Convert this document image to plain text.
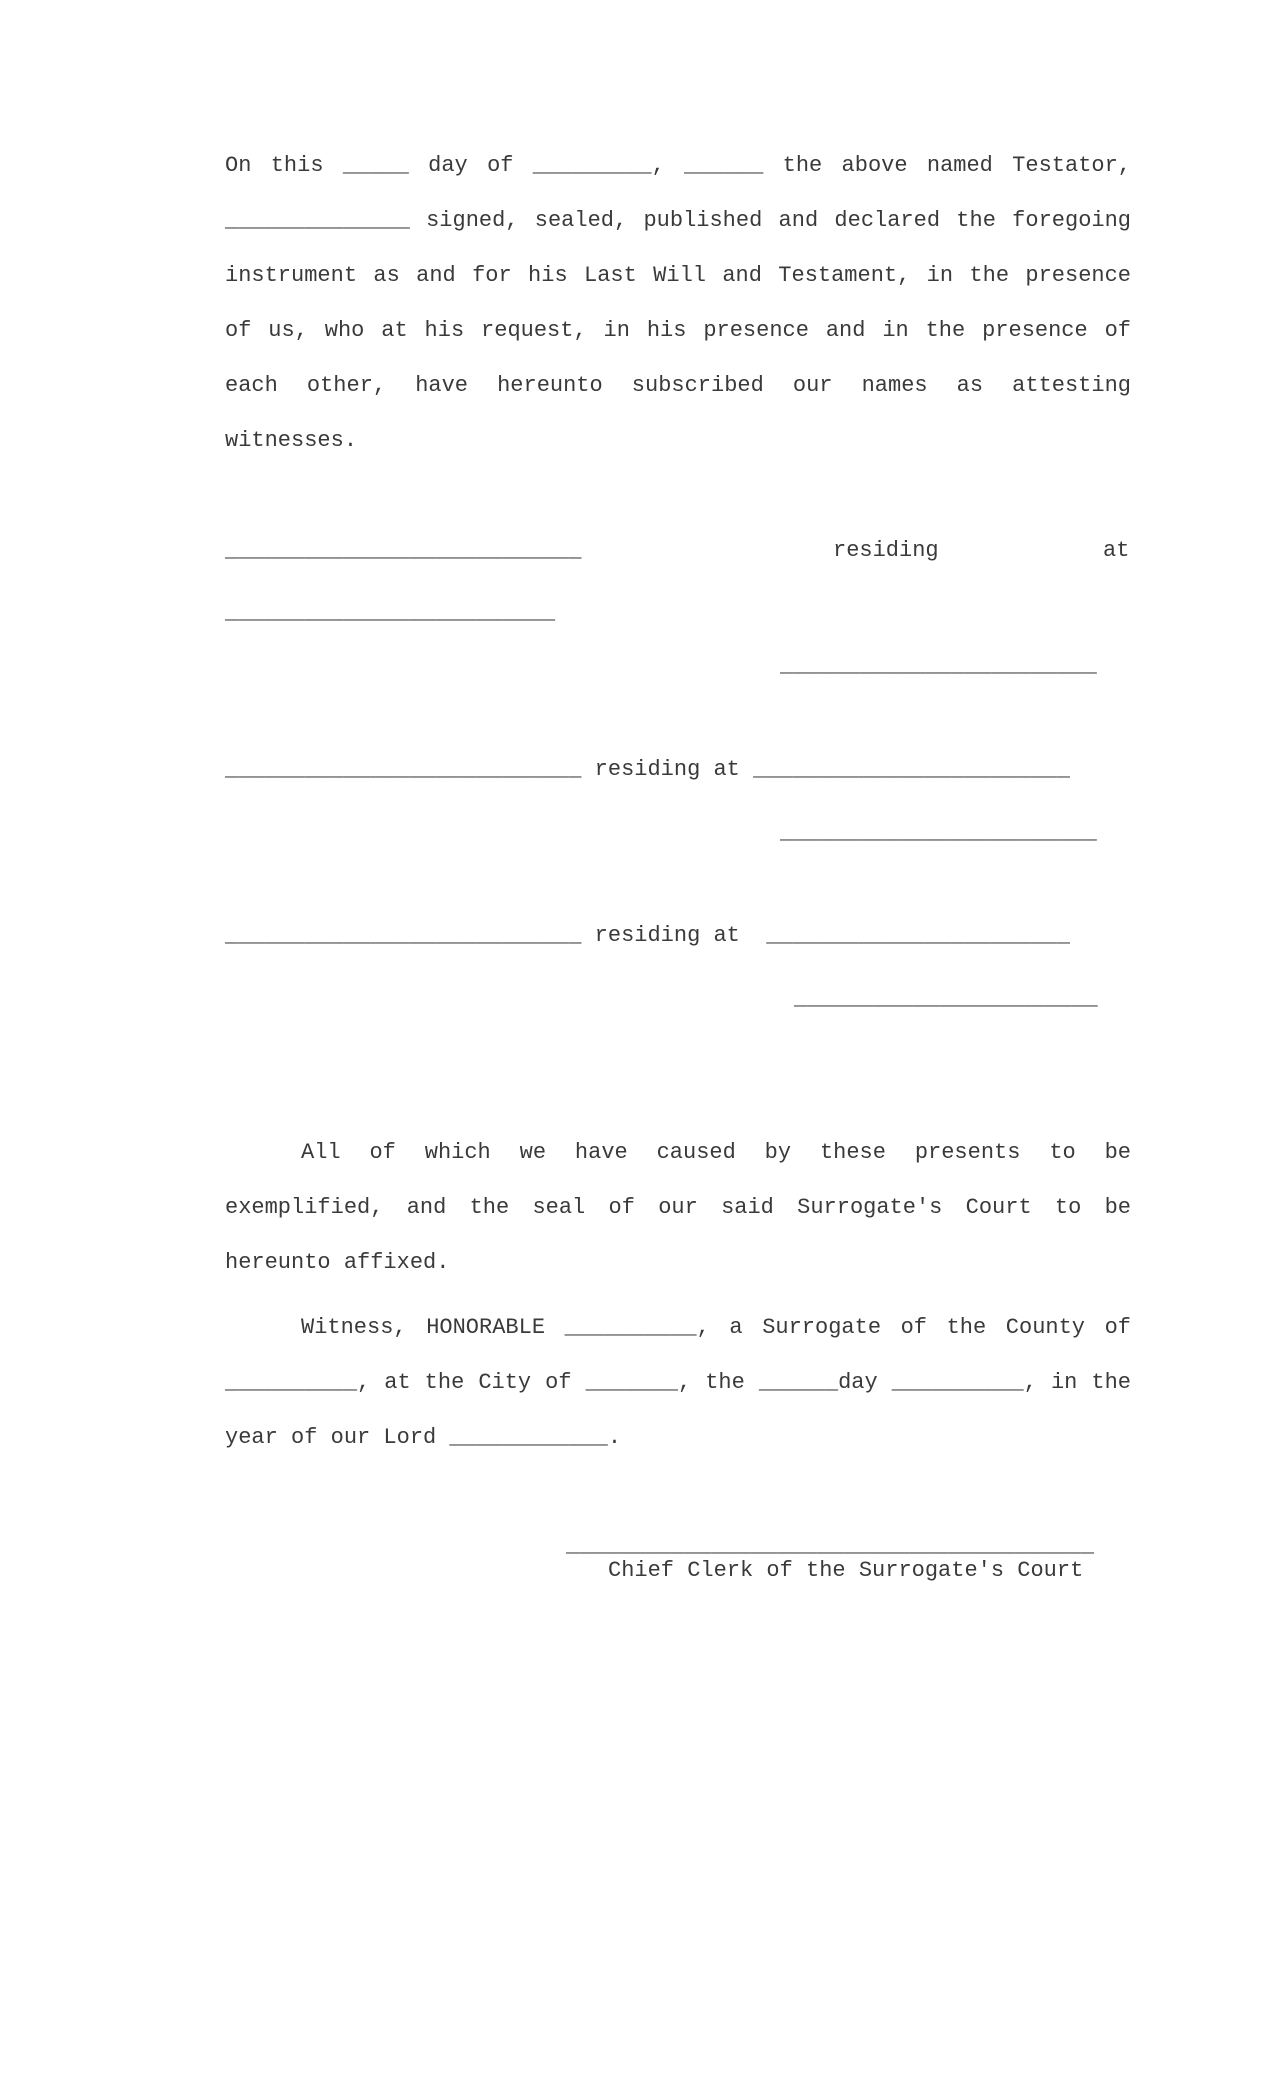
On this _____ day of _________, ______ the above named Testator, ______________ signed, sealed, published and declared the foregoing instrument as and for his Last Will and Testament, in the presence of us, who at his request, in his presence and in the presence of each other, have hereunto subscribed our names as attesting witnesses.

___________________________	residing	at
_________________________
________________________
___________________________ residing at ________________________
________________________
___________________________ residing at  _______________________
_______________________

All of which we have caused by these presents to be exemplified, and the seal of our said Surrogate's Court to be hereunto affixed.

Witness, HONORABLE __________, a Surrogate of the County of __________, at the City of _______, the ______day __________, in the year of our Lord ____________.

________________________________________
Chief Clerk of the Surrogate's Court
